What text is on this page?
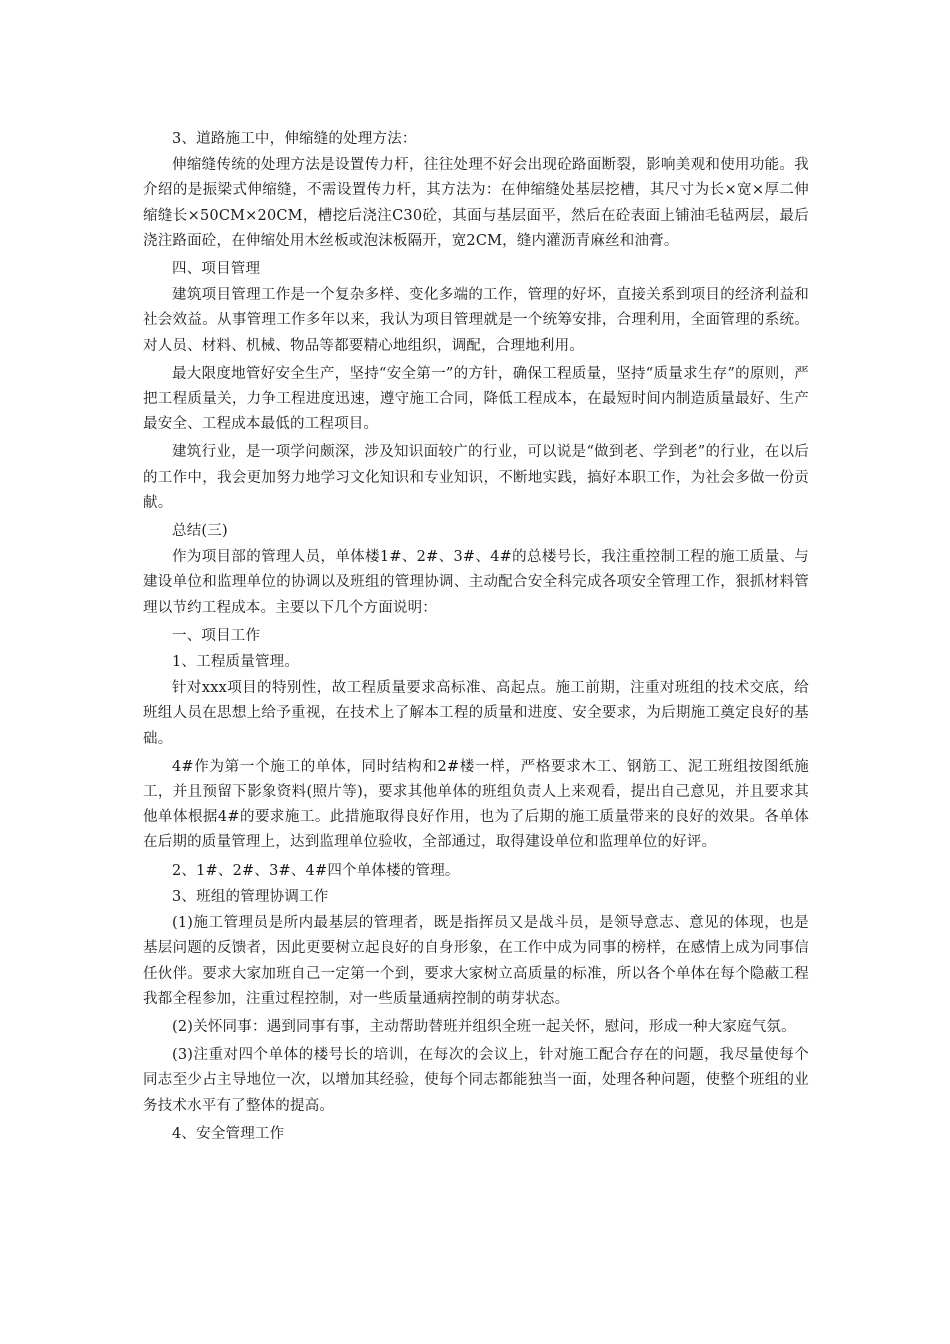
3、道路施工中，伸缩缝的处理方法：

伸缩缝传统的处理方法是设置传力杆，往往处理不好会出现砼路面断裂，影响美观和使用功能。我介绍的是振梁式伸缩缝，不需设置传力杆，其方法为：在伸缩缝处基层挖槽，其尺寸为长×宽×厚二伸缩缝长×50CM×20CM，槽挖后浇注C30砼，其面与基层面平，然后在砼表面上铺油毛毡两层，最后浇注路面砼，在伸缩处用木丝板或泡沫板隔开，宽2CM，缝内灌沥青麻丝和油膏。

四、项目管理

建筑项目管理工作是一个复杂多样、变化多端的工作，管理的好坏，直接关系到项目的经济利益和社会效益。从事管理工作多年以来，我认为项目管理就是一个统筹安排，合理利用，全面管理的系统。对人员、材料、机械、物品等都要精心地组织，调配，合理地利用。

最大限度地管好安全生产，坚持“安全第一”的方针，确保工程质量，坚持“质量求生存”的原则，严把工程质量关，力争工程进度迅速，遵守施工合同，降低工程成本，在最短时间内制造质量最好、生产最安全、工程成本最低的工程项目。

建筑行业，是一项学问颇深，涉及知识面较广的行业，可以说是“做到老、学到老”的行业，在以后的工作中，我会更加努力地学习文化知识和专业知识，不断地实践，搞好本职工作，为社会多做一份贡献。

总结(三)

作为项目部的管理人员，单体楼1#、2#、3#、4#的总楼号长，我注重控制工程的施工质量、与建设单位和监理单位的协调以及班组的管理协调、主动配合安全科完成各项安全管理工作，狠抓材料管理以节约工程成本。主要以下几个方面说明：

一、项目工作

1、工程质量管理。

针对xxx项目的特别性，故工程质量要求高标准、高起点。施工前期，注重对班组的技术交底，给班组人员在思想上给予重视，在技术上了解本工程的质量和进度、安全要求，为后期施工奠定良好的基础。

4#作为第一个施工的单体，同时结构和2#楼一样，严格要求木工、钢筋工、泥工班组按图纸施工，并且预留下影象资料(照片等)，要求其他单体的班组负责人上来观看，提出自己意见，并且要求其他单体根据4#的要求施工。此措施取得良好作用，也为了后期的施工质量带来的良好的效果。各单体在后期的质量管理上，达到监理单位验收，全部通过，取得建设单位和监理单位的好评。

2、1#、2#、3#、4#四个单体楼的管理。

3、班组的管理协调工作

(1)施工管理员是所内最基层的管理者，既是指挥员又是战斗员，是领导意志、意见的体现，也是基层问题的反馈者，因此更要树立起良好的自身形象，在工作中成为同事的榜样，在感情上成为同事信任伙伴。要求大家加班自己一定第一个到，要求大家树立高质量的标准，所以各个单体在每个隐蔽工程我都全程参加，注重过程控制，对一些质量通病控制的萌芽状态。

(2)关怀同事：遇到同事有事，主动帮助替班并组织全班一起关怀，慰问，形成一种大家庭气氛。

(3)注重对四个单体的楼号长的培训，在每次的会议上，针对施工配合存在的问题，我尽量使每个同志至少占主导地位一次，以增加其经验，使每个同志都能独当一面，处理各种问题，使整个班组的业务技术水平有了整体的提高。

4、安全管理工作
